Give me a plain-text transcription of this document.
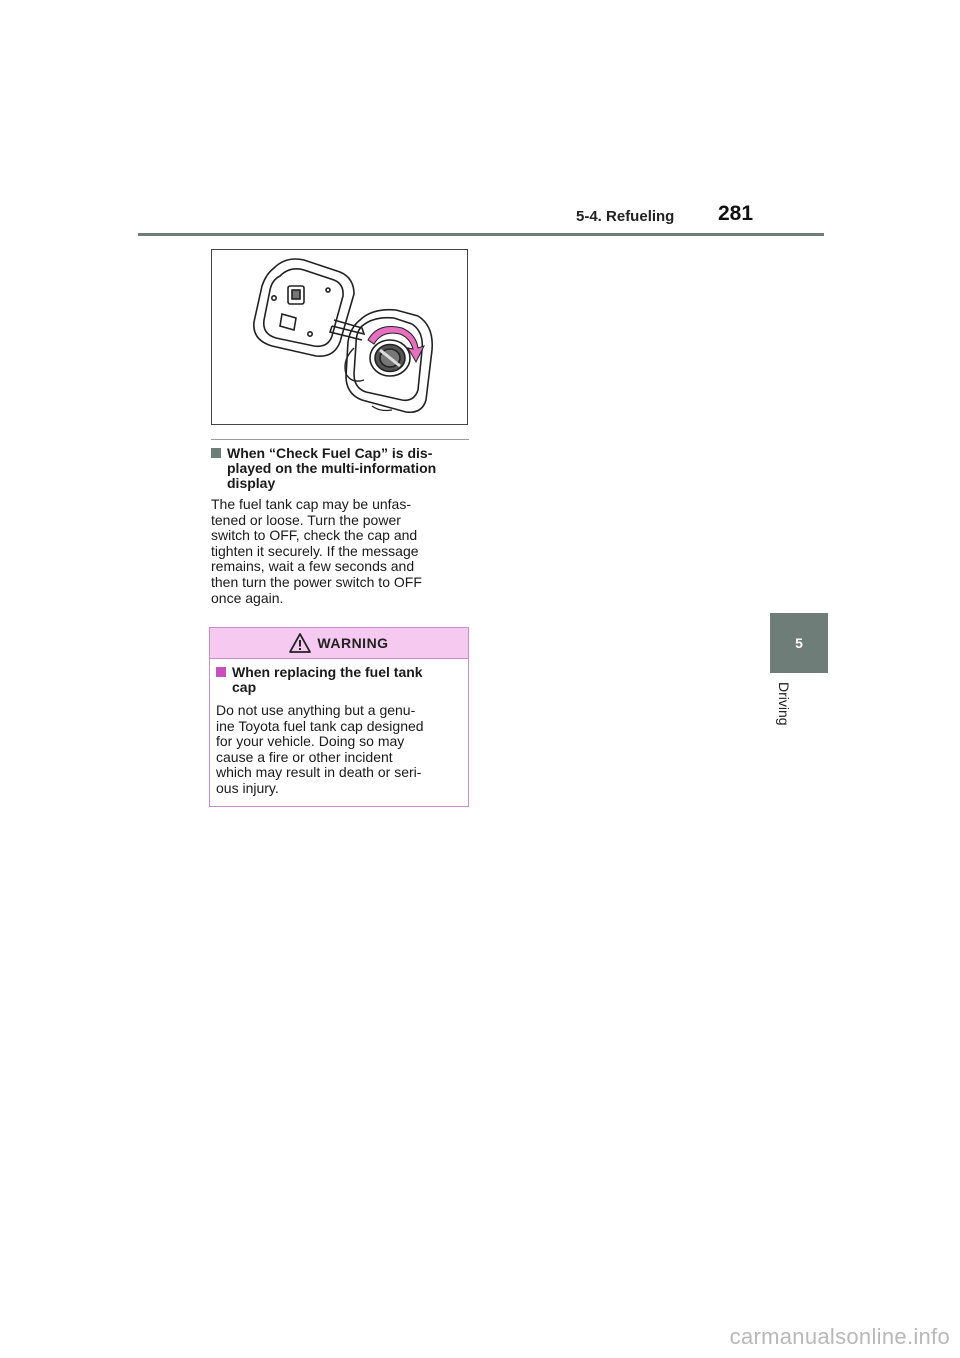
5-4. Refueling 281
5
Driving
When “Check Fuel Cap” is dis-
played on the multi-information
display
The fuel tank cap may be unfas-
tened or loose. Turn the power
switch to OFF, check the cap and
tighten it securely. If the message
remains, wait a few seconds and
then turn the power switch to OFF
once again.
WARNING
When replacing the fuel tank
cap
Do not use anything but a genu-
ine Toyota fuel tank cap designed
for your vehicle. Doing so may
cause a fire or other incident
which may result in death or seri-
ous injury.
carmanualsonline.info
